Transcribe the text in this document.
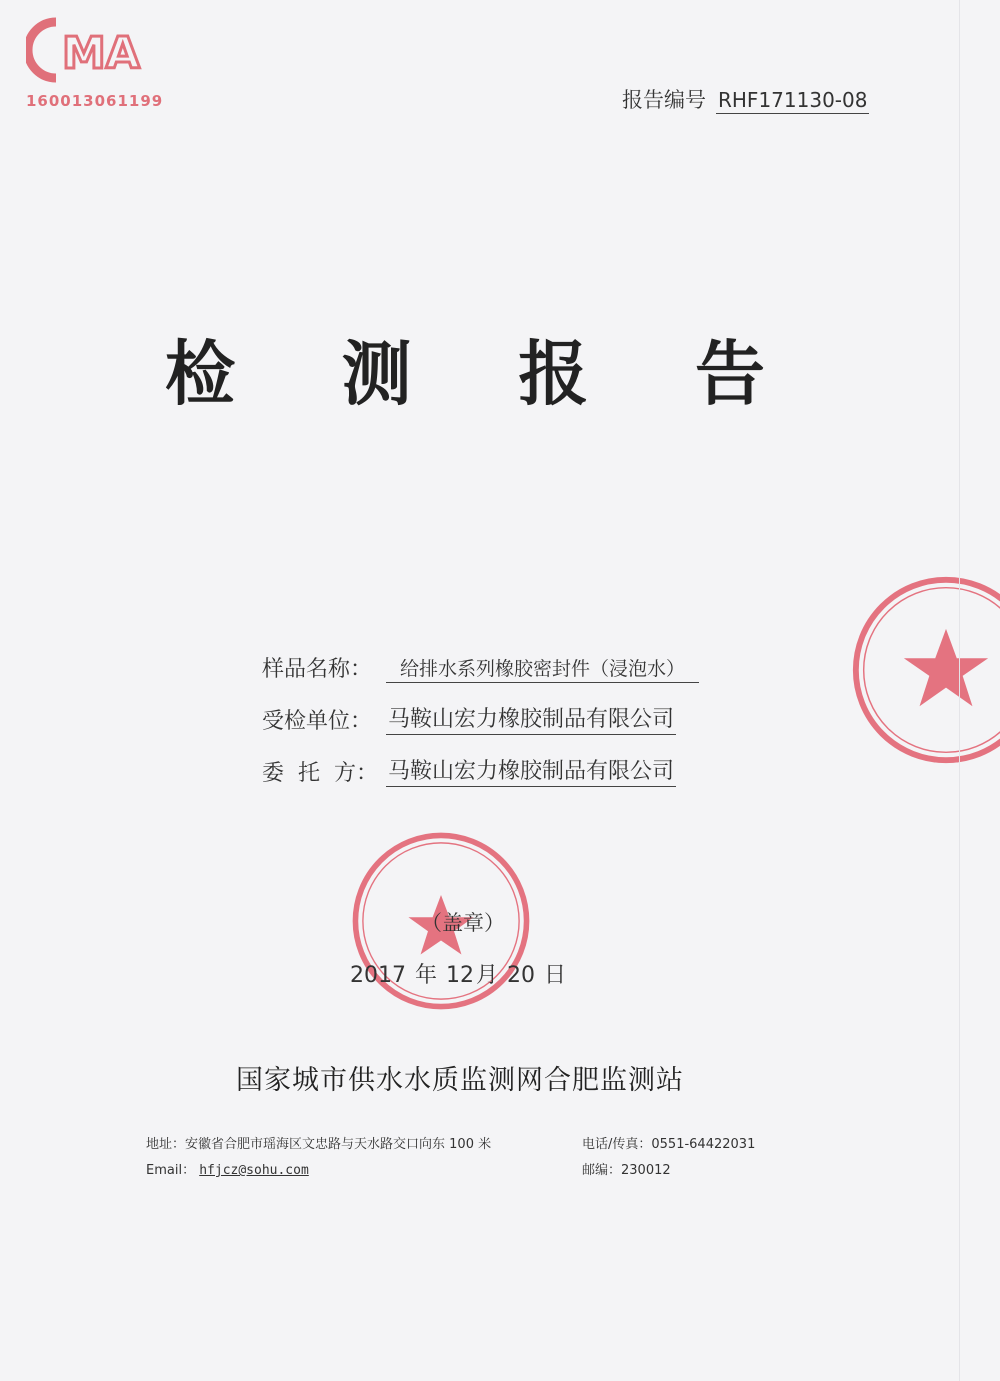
MA
160013061199	报告编号 RHF171130-08
检 测 报 告
样品名称：	给排水系列橡胶密封件（浸泡水）
受检单位： 马鞍山宏力橡胶制品有限公司
委  托  方： 马鞍山宏力橡胶制品有限公司
（盖章）
2017 年 12月 20 日
国家城市供水水质监测网合肥监测站
地址：安徽省合肥市瑶海区文忠路与天水路交口向东 100 米
Email： hfjcz@sohu.com
电话/传真：0551-64422031
邮编：230012
